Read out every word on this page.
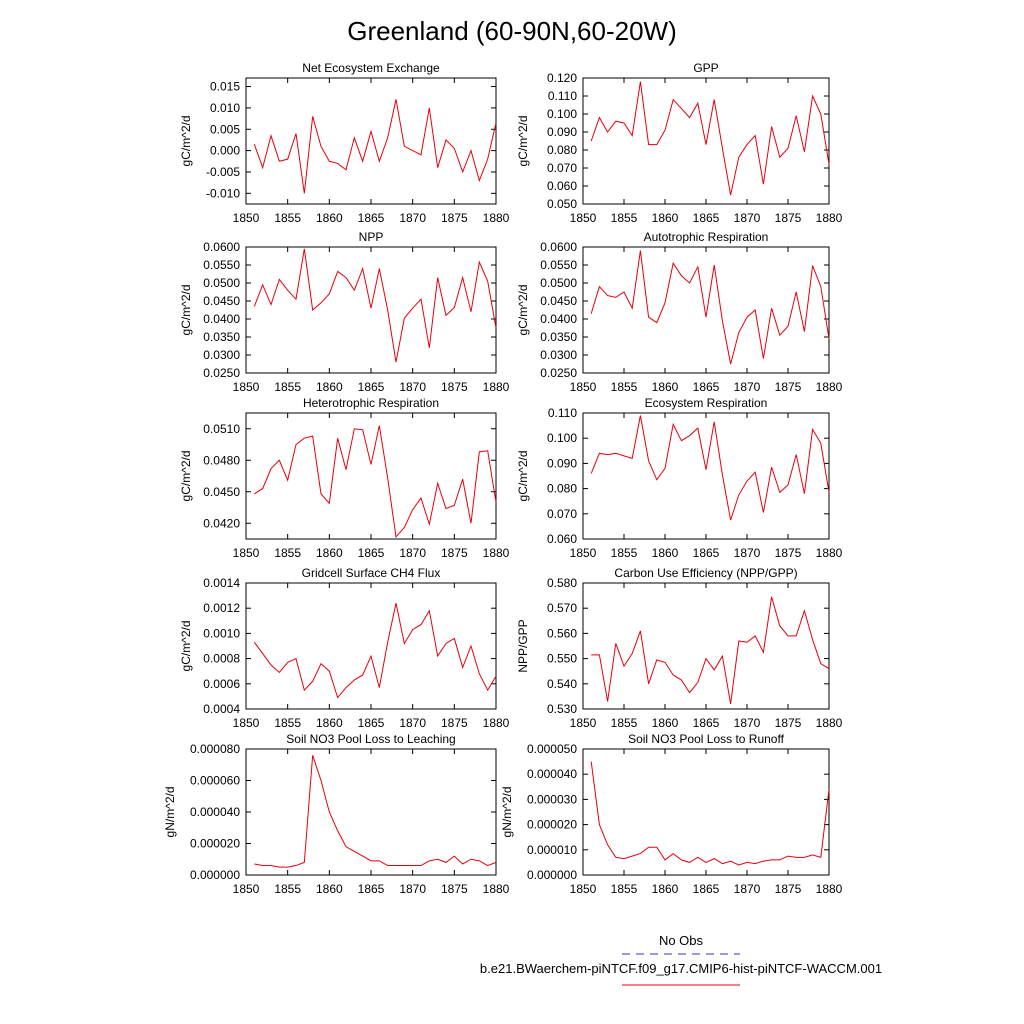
Greenland (60-90N,60-20W)
Net Ecosystem Exchange
-0.010
-0.005
0.000
0.005
0.010
0.015
1850 1855 1860 1865 1870 1875 1880
gC/m^2/d
GPP
0.050
0.060
0.070
0.080
0.090
0.100
0.110
0.120
1850 1855 1860 1865 1870 1875 1880
gC/m^2/d
NPP
0.0250
0.0300
0.0350
0.0400
0.0450
0.0500
0.0550
0.0600
1850 1855 1860 1865 1870 1875 1880
gC/m^2/d
Autotrophic Respiration
0.0250
0.0300
0.0350
0.0400
0.0450
0.0500
0.0550
0.0600
1850 1855 1860 1865 1870 1875 1880
gC/m^2/d
Heterotrophic Respiration
0.0420
0.0450
0.0480
0.0510
1850 1855 1860 1865 1870 1875 1880
gC/m^2/d
Ecosystem Respiration
0.060
0.070
0.080
0.090
0.100
0.110
1850 1855 1860 1865 1870 1875 1880
gC/m^2/d
Gridcell Surface CH4 Flux
0.0004
0.0006
0.0008
0.0010
0.0012
0.0014
1850 1855 1860 1865 1870 1875 1880
gC/m^2/d
Carbon Use Efficiency (NPP/GPP)
0.530
0.540
0.550
0.560
0.570
0.580
1850 1855 1860 1865 1870 1875 1880
NPP/GPP
Soil NO3 Pool Loss to Leaching
0.000000
0.000020
0.000040
0.000060
0.000080
1850 1855 1860 1865 1870 1875 1880
gN/m^2/d
Soil NO3 Pool Loss to Runoff
0.000000
0.000010
0.000020
0.000030
0.000040
0.000050
1850 1855 1860 1865 1870 1875 1880
gN/m^2/d
No Obs
b.e21.BWaerchem-piNTCF.f09_g17.CMIP6-hist-piNTCF-WACCM.001
